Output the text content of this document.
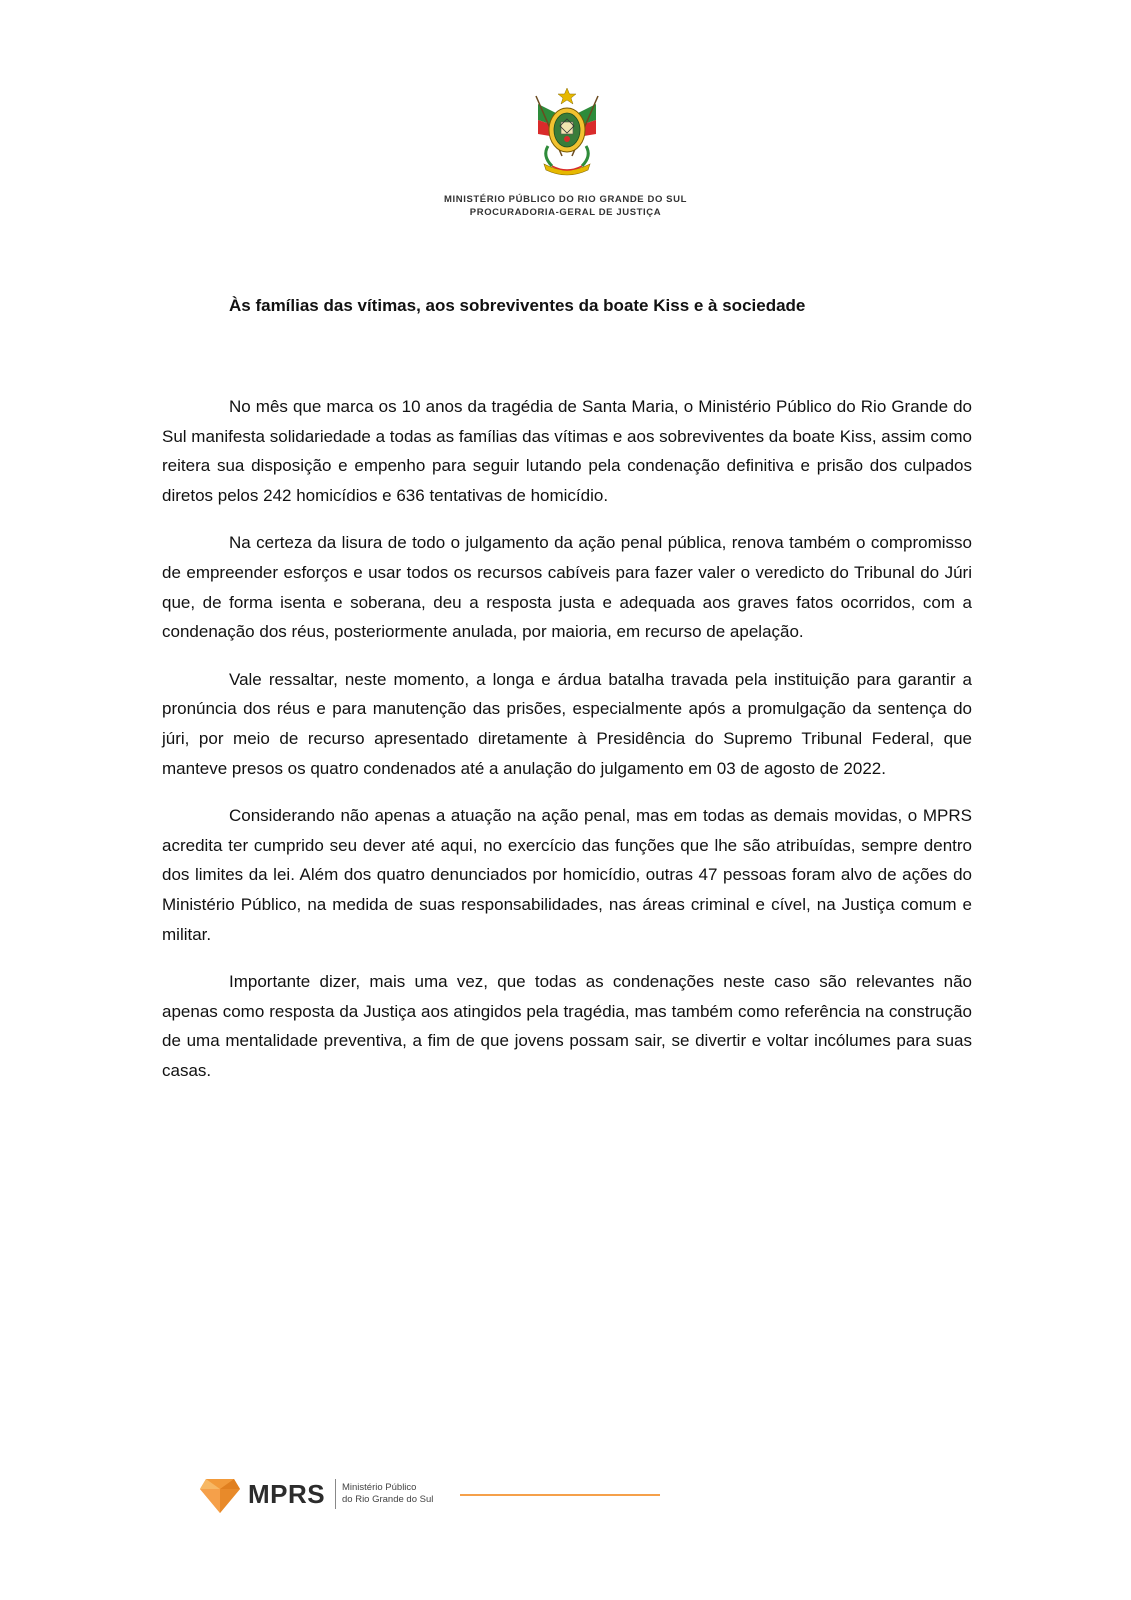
MINISTÉRIO PÚBLICO DO RIO GRANDE DO SUL
PROCURADORIA-GERAL DE JUSTIÇA
Às famílias das vítimas, aos sobreviventes da boate Kiss e à sociedade

No mês que marca os 10 anos da tragédia de Santa Maria, o Ministério Público do Rio Grande do Sul manifesta solidariedade a todas as famílias das vítimas e aos sobreviventes da boate Kiss, assim como reitera sua disposição e empenho para seguir lutando pela condenação definitiva e prisão dos culpados diretos pelos 242 homicídios e 636 tentativas de homicídio.

Na certeza da lisura de todo o julgamento da ação penal pública, renova também o compromisso de empreender esforços e usar todos os recursos cabíveis para fazer valer o veredicto do Tribunal do Júri que, de forma isenta e soberana, deu a resposta justa e adequada aos graves fatos ocorridos, com a condenação dos réus, posteriormente anulada, por maioria, em recurso de apelação.

Vale ressaltar, neste momento, a longa e árdua batalha travada pela instituição para garantir a pronúncia dos réus e para manutenção das prisões, especialmente após a promulgação da sentença do júri, por meio de recurso apresentado diretamente à Presidência do Supremo Tribunal Federal, que manteve presos os quatro condenados até a anulação do julgamento em 03 de agosto de 2022.

Considerando não apenas a atuação na ação penal, mas em todas as demais movidas, o MPRS acredita ter cumprido seu dever até aqui, no exercício das funções que lhe são atribuídas, sempre dentro dos limites da lei. Além dos quatro denunciados por homicídio, outras 47 pessoas foram alvo de ações do Ministério Público, na medida de suas responsabilidades, nas áreas criminal e cível, na Justiça comum e militar.

Importante dizer, mais uma vez, que todas as condenações neste caso são relevantes não apenas como resposta da Justiça aos atingidos pela tragédia, mas também como referência na construção de uma mentalidade preventiva, a fim de que jovens possam sair, se divertir e voltar incólumes para suas casas.

MPRS Ministério Público
do Rio Grande do Sul
